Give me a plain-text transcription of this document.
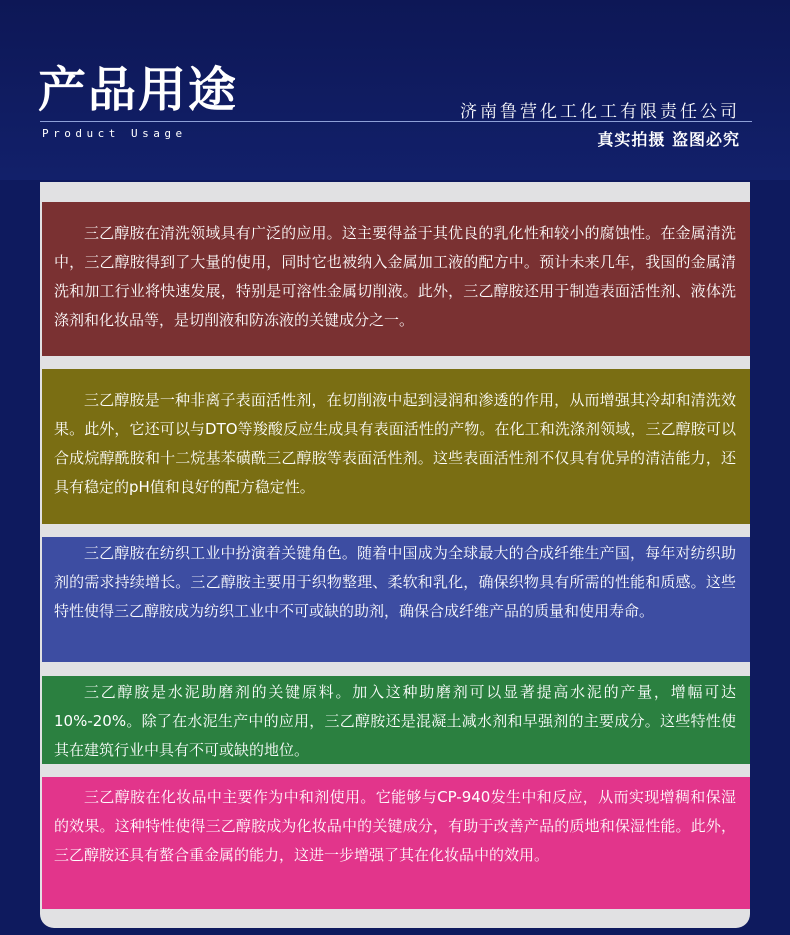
产品用途
Product Usage
济南鲁营化工化工有限责任公司
真实拍摄 盗图必究

三乙醇胺在清洗领域具有广泛的应用。这主要得益于其优良的乳化性和较小的腐蚀性。在金属清洗中，三乙醇胺得到了大量的使用，同时它也被纳入金属加工液的配方中。预计未来几年，我国的金属清洗和加工行业将快速发展，特别是可溶性金属切削液。此外，三乙醇胺还用于制造表面活性剂、液体洗涤剂和化妆品等，是切削液和防冻液的关键成分之一。

三乙醇胺是一种非离子表面活性剂，在切削液中起到浸润和渗透的作用，从而增强其冷却和清洗效果。此外，它还可以与DTO等羧酸反应生成具有表面活性的产物。在化工和洗涤剂领域，三乙醇胺可以合成烷醇酰胺和十二烷基苯磺酰三乙醇胺等表面活性剂。这些表面活性剂不仅具有优异的清洁能力，还具有稳定的pH值和良好的配方稳定性。

三乙醇胺在纺织工业中扮演着关键角色。随着中国成为全球最大的合成纤维生产国，每年对纺织助剂的需求持续增长。三乙醇胺主要用于织物整理、柔软和乳化，确保织物具有所需的性能和质感。这些特性使得三乙醇胺成为纺织工业中不可或缺的助剂，确保合成纤维产品的质量和使用寿命。

三乙醇胺是水泥助磨剂的关键原料。加入这种助磨剂可以显著提高水泥的产量，增幅可达10%-20%。除了在水泥生产中的应用，三乙醇胺还是混凝土减水剂和早强剂的主要成分。这些特性使其在建筑行业中具有不可或缺的地位。

三乙醇胺在化妆品中主要作为中和剂使用。它能够与CP-940发生中和反应，从而实现增稠和保湿的效果。这种特性使得三乙醇胺成为化妆品中的关键成分，有助于改善产品的质地和保湿性能。此外，三乙醇胺还具有螯合重金属的能力，这进一步增强了其在化妆品中的效用。
